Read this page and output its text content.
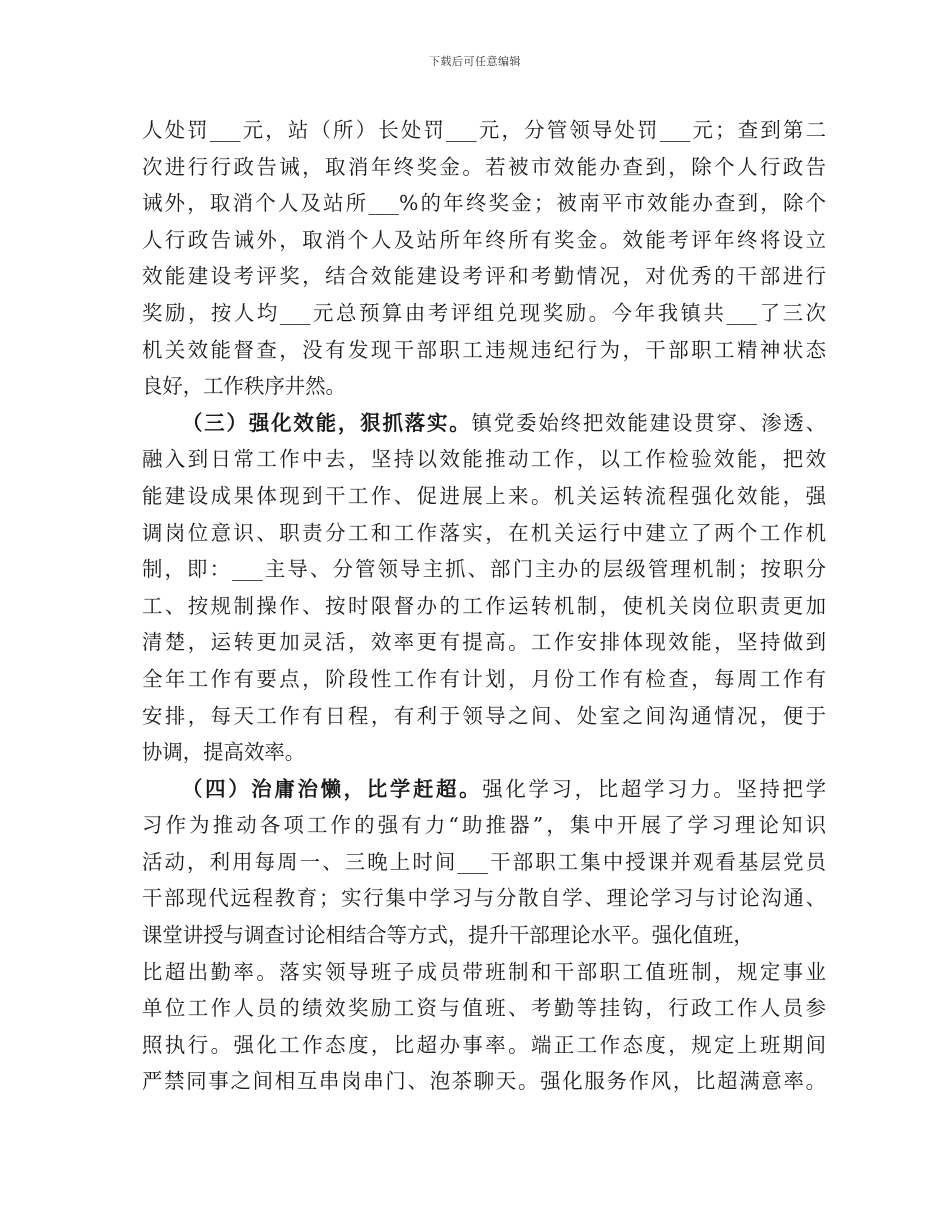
下载后可任意编辑
人处罚___元，站（所）长处罚___元，分管领导处罚___元；查到第二
次进行行政告诫，取消年终奖金。若被市效能办查到，除个人行政告
诫外，取消个人及站所___%的年终奖金；被南平市效能办查到，除个
人行政告诫外，取消个人及站所年终所有奖金。效能考评年终将设立
效能建设考评奖，结合效能建设考评和考勤情况，对优秀的干部进行
奖励，按人均___元总预算由考评组兑现奖励。今年我镇共___了三次
机关效能督查，没有发现干部职工违规违纪行为，干部职工精神状态
良好，工作秩序井然。
（三）强化效能，狠抓落实。镇党委始终把效能建设贯穿、渗透、
融入到日常工作中去，坚持以效能推动工作，以工作检验效能，把效
能建设成果体现到干工作、促进展上来。机关运转流程强化效能，强
调岗位意识、职责分工和工作落实，在机关运行中建立了两个工作机
制，即：___主导、分管领导主抓、部门主办的层级管理机制；按职分
工、按规制操作、按时限督办的工作运转机制，使机关岗位职责更加
清楚，运转更加灵活，效率更有提高。工作安排体现效能，坚持做到
全年工作有要点，阶段性工作有计划，月份工作有检查，每周工作有
安排，每天工作有日程，有利于领导之间、处室之间沟通情况，便于
协调，提高效率。
（四）治庸治懒，比学赶超。强化学习，比超学习力。坚持把学
习作为推动各项工作的强有力“助推器”，集中开展了学习理论知识
活动，利用每周一、三晚上时间___干部职工集中授课并观看基层党员
干部现代远程教育；实行集中学习与分散自学、理论学习与讨论沟通、
课堂讲授与调查讨论相结合等方式，提升干部理论水平。强化值班，
比超出勤率。落实领导班子成员带班制和干部职工值班制，规定事业
单位工作人员的绩效奖励工资与值班、考勤等挂钩，行政工作人员参
照执行。强化工作态度，比超办事率。端正工作态度，规定上班期间
严禁同事之间相互串岗串门、泡茶聊天。强化服务作风，比超满意率。
